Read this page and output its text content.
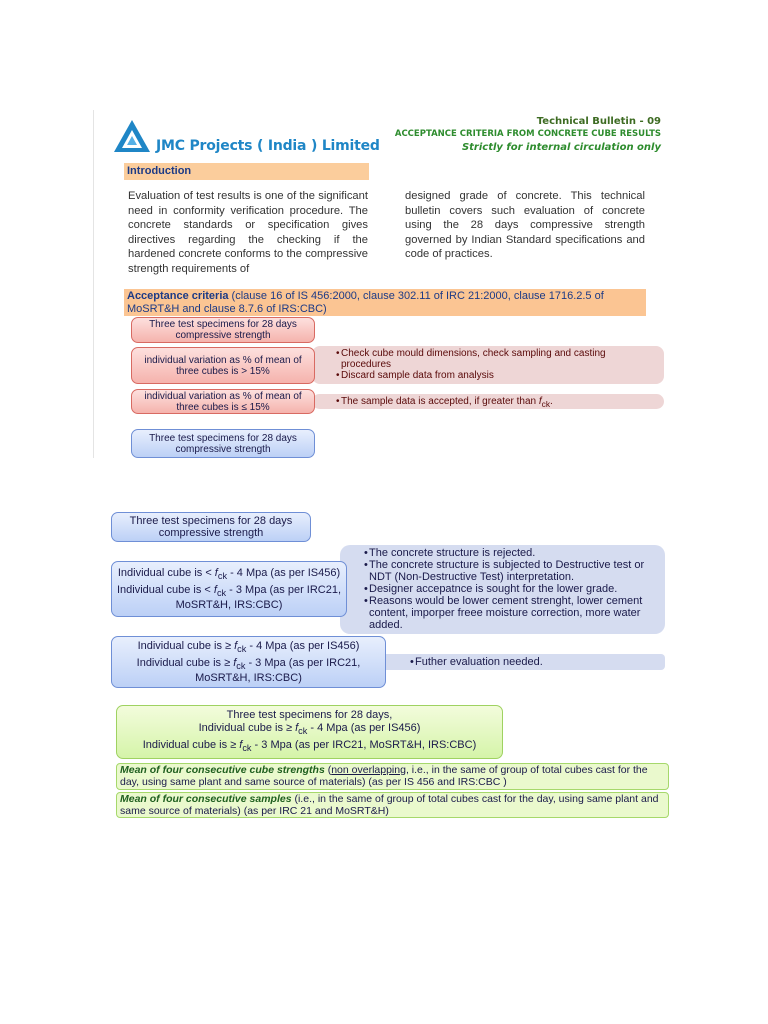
JMC Projects ( India ) Limited
Technical Bulletin - 09
ACCEPTANCE CRITERIA FROM CONCRETE CUBE RESULTS
Strictly for internal circulation only
Introduction
Evaluation of test results is one of the significant need in conformity verification procedure. The concrete standards or specification gives directives regarding the checking if the hardened concrete conforms to the compressive strength requirements of
designed grade of concrete. This technical bulletin covers such evaluation of concrete using the 28 days compressive strength governed by Indian Standard specifications and code of practices.
Acceptance criteria (clause 16 of IS 456:2000, clause 302.11 of IRC 21:2000, clause 1716.2.5 of MoSRT&H and clause 8.7.6 of IRS:CBC)
Three test specimens for 28 days compressive strength
• Check cube mould dimensions, check sampling and casting procedures
• Discard sample data from analysis
individual variation as % of mean of three cubes is > 15%
• The sample data is accepted, if greater than $f_{ck}$.
individual variation as % of mean of three cubes is ≤ 15%
Three test specimens for 28 days compressive strength
Three test specimens for 28 days compressive strength
• The concrete structure is rejected.
• The concrete structure is subjected to Destructive test or NDT (Non-Destructive Test) interpretation.
• Designer accepatnce is sought for the lower grade.
• Reasons would be lower cement strenght, lower cement content, imporper freee moisture correction, more water added.
Individual cube is < $f_{ck} - 4$ Mpa (as per IS456)
Individual cube is < $f_{ck} - 3$ Mpa (as per IRC21, MoSRT&H, IRS:CBC)
• Futher evaluation needed.
Individual cube is ≥ $f_{ck} - 4$ Mpa (as per IS456)
Individual cube is ≥ $f_{ck} - 3$ Mpa (as per IRC21, MoSRT&H, IRS:CBC)
Three test specimens for 28 days,
Individual cube is ≥ $f_{ck} - 4$ Mpa (as per IS456)
Individual cube is ≥ $f_{ck} - 3$ Mpa (as per IRC21, MoSRT&H, IRS:CBC)
Mean of four consecutive cube strengths (non overlapping, i.e., in the same of group of total cubes cast for the day, using same plant and same source of materials) (as per IS 456 and IRS:CBC )
Mean of four consecutive samples (i.e., in the same of group of total cubes cast for the day, using same plant and same source of materials) (as per IRC 21 and MoSRT&H)
